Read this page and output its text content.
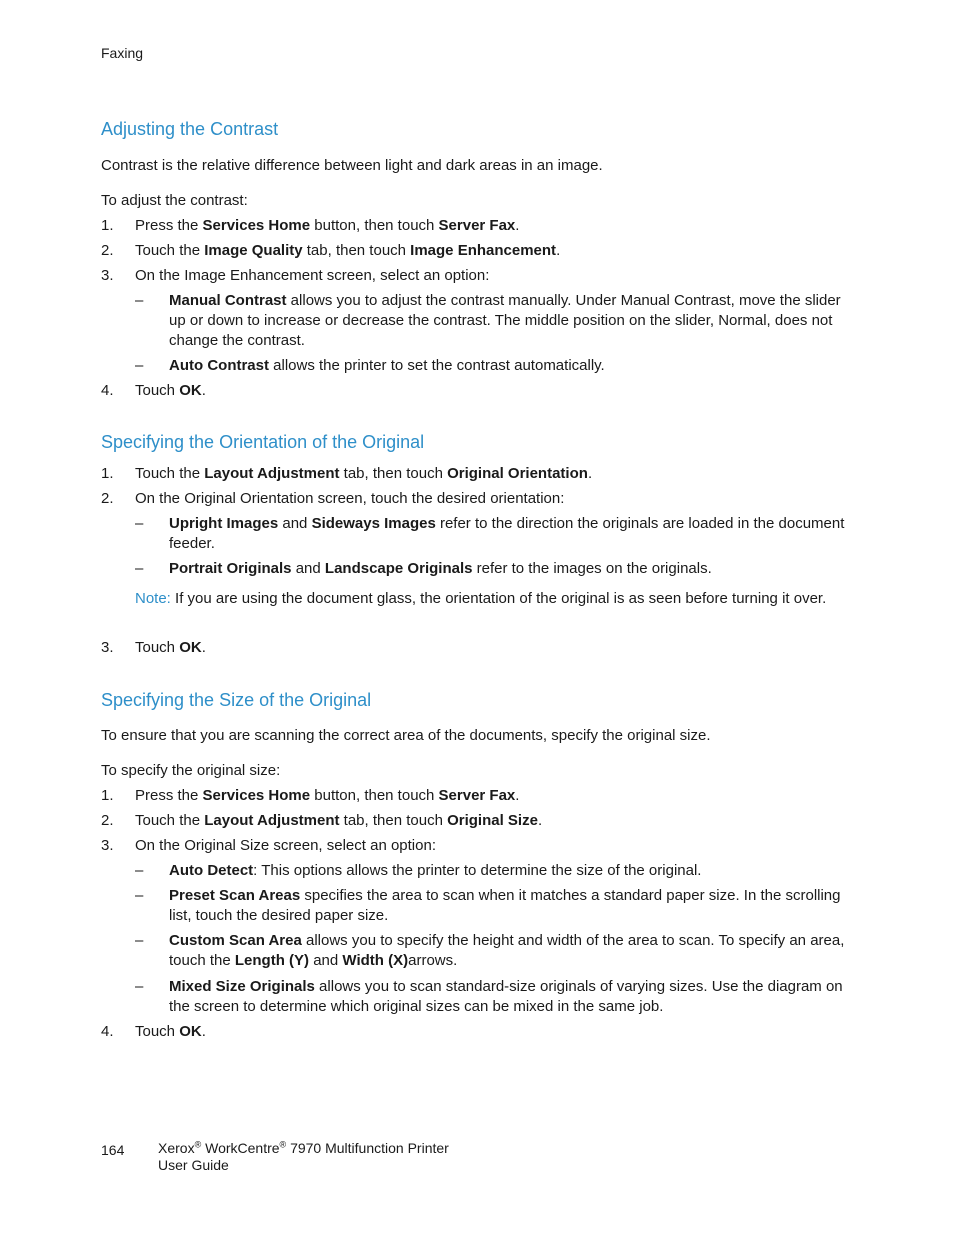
Faxing
Adjusting the Contrast

Contrast is the relative difference between light and dark areas in an image.

To adjust the contrast:

1. Press the Services Home button, then touch Server Fax.
2. Touch the Image Quality tab, then touch Image Enhancement.
3. On the Image Enhancement screen, select an option:
– Manual Contrast allows you to adjust the contrast manually. Under Manual Contrast, move the slider up or down to increase or decrease the contrast. The middle position on the slider, Normal, does not change the contrast.
– Auto Contrast allows the printer to set the contrast automatically.
4. Touch OK.
Specifying the Orientation of the Original
1. Touch the Layout Adjustment tab, then touch Original Orientation.
2. On the Original Orientation screen, touch the desired orientation:
– Upright Images and Sideways Images refer to the direction the originals are loaded in the document feeder.
– Portrait Originals and Landscape Originals refer to the images on the originals.
Note: If you are using the document glass, the orientation of the original is as seen before turning it over.
3. Touch OK.
Specifying the Size of the Original

To ensure that you are scanning the correct area of the documents, specify the original size.

To specify the original size:

1. Press the Services Home button, then touch Server Fax.
2. Touch the Layout Adjustment tab, then touch Original Size.
3. On the Original Size screen, select an option:
– Auto Detect: This options allows the printer to determine the size of the original.
– Preset Scan Areas specifies the area to scan when it matches a standard paper size. In the scrolling list, touch the desired paper size.
– Custom Scan Area allows you to specify the height and width of the area to scan. To specify an area, touch the Length (Y) and Width (X)arrows.
– Mixed Size Originals allows you to scan standard-size originals of varying sizes. Use the diagram on the screen to determine which original sizes can be mixed in the same job.
4. Touch OK.
164 Xerox® WorkCentre® 7970 Multifunction Printer
User Guide
